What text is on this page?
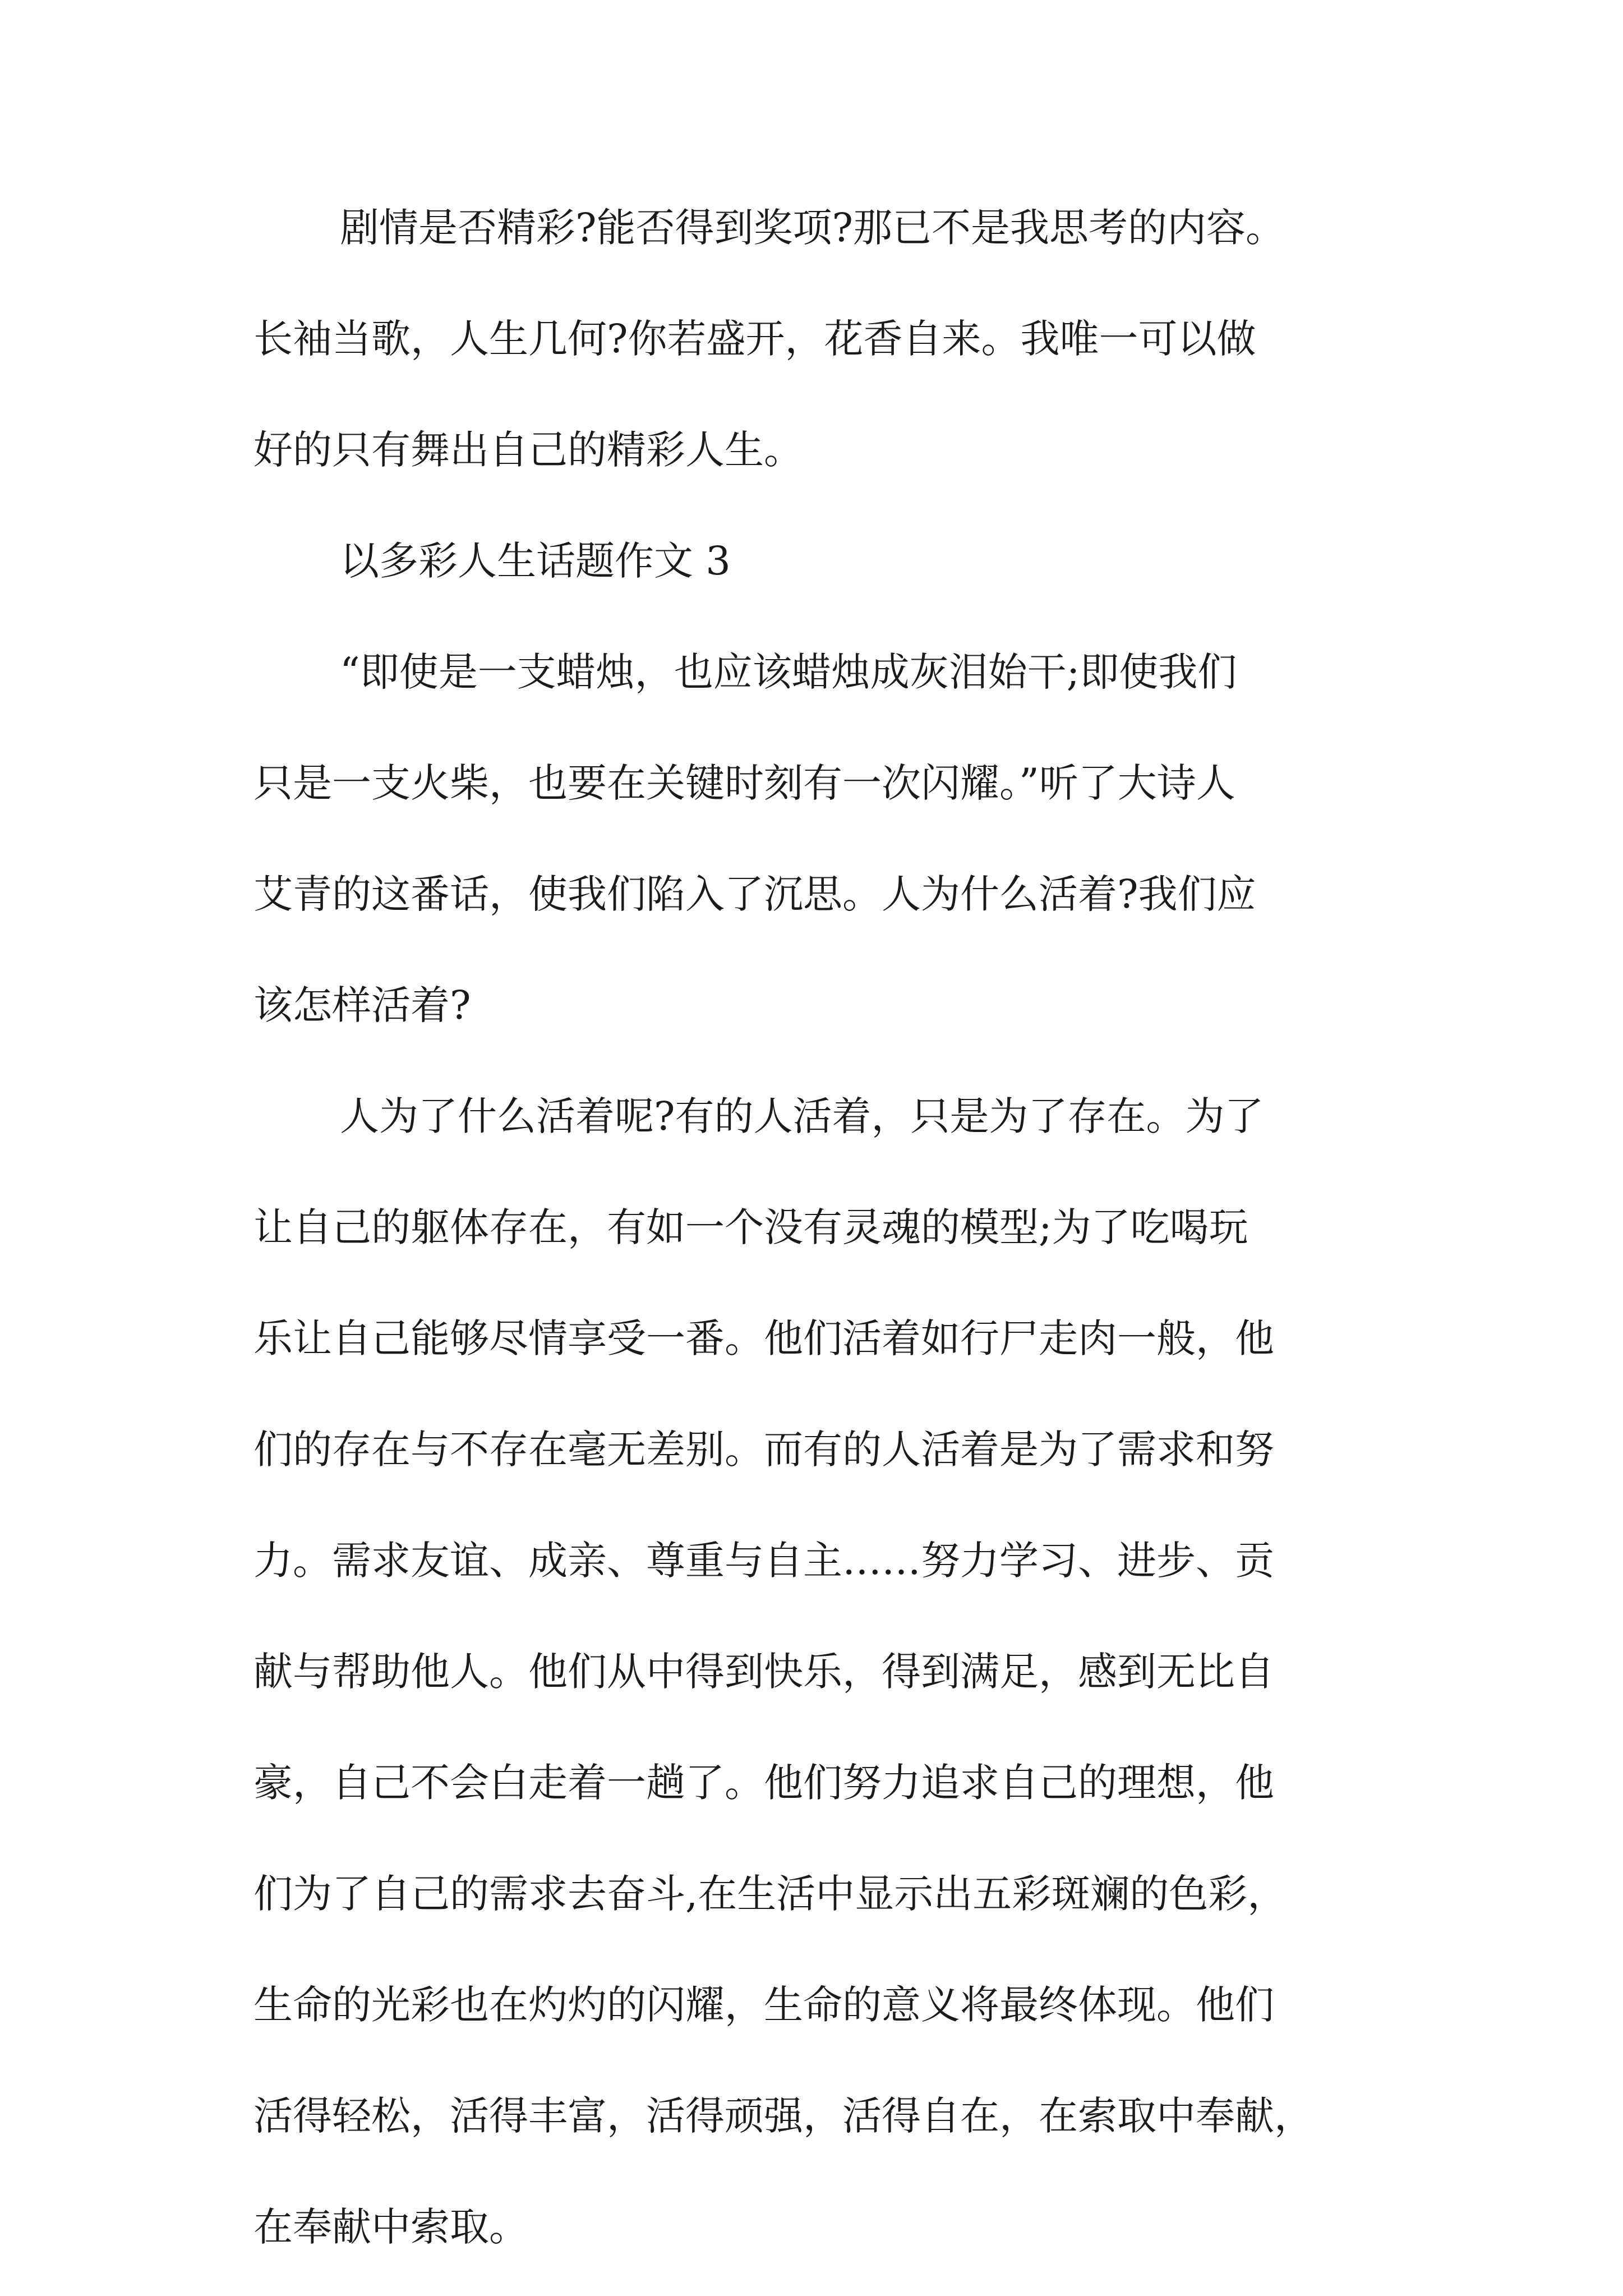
剧情是否精彩?能否得到奖项?那已不是我思考的内容。
长袖当歌，人生几何?你若盛开，花香自来。我唯一可以做
好的只有舞出自己的精彩人生。
以多彩人生话题作文 3
“即使是一支蜡烛，也应该蜡烛成灰泪始干;即使我们
只是一支火柴，也要在关键时刻有一次闪耀。”听了大诗人
艾青的这番话，使我们陷入了沉思。人为什么活着?我们应
该怎样活着?
人为了什么活着呢?有的人活着，只是为了存在。为了
让自己的躯体存在，有如一个没有灵魂的模型;为了吃喝玩
乐让自己能够尽情享受一番。他们活着如行尸走肉一般，他
们的存在与不存在毫无差别。而有的人活着是为了需求和努
力。需求友谊、成亲、尊重与自主……努力学习、进步、贡
献与帮助他人。他们从中得到快乐，得到满足，感到无比自
豪，自己不会白走着一趟了。他们努力追求自己的理想，他
们为了自己的需求去奋斗,在生活中显示出五彩斑斓的色彩，
生命的光彩也在灼灼的闪耀，生命的意义将最终体现。他们
活得轻松，活得丰富，活得顽强，活得自在，在索取中奉献，
在奉献中索取。
